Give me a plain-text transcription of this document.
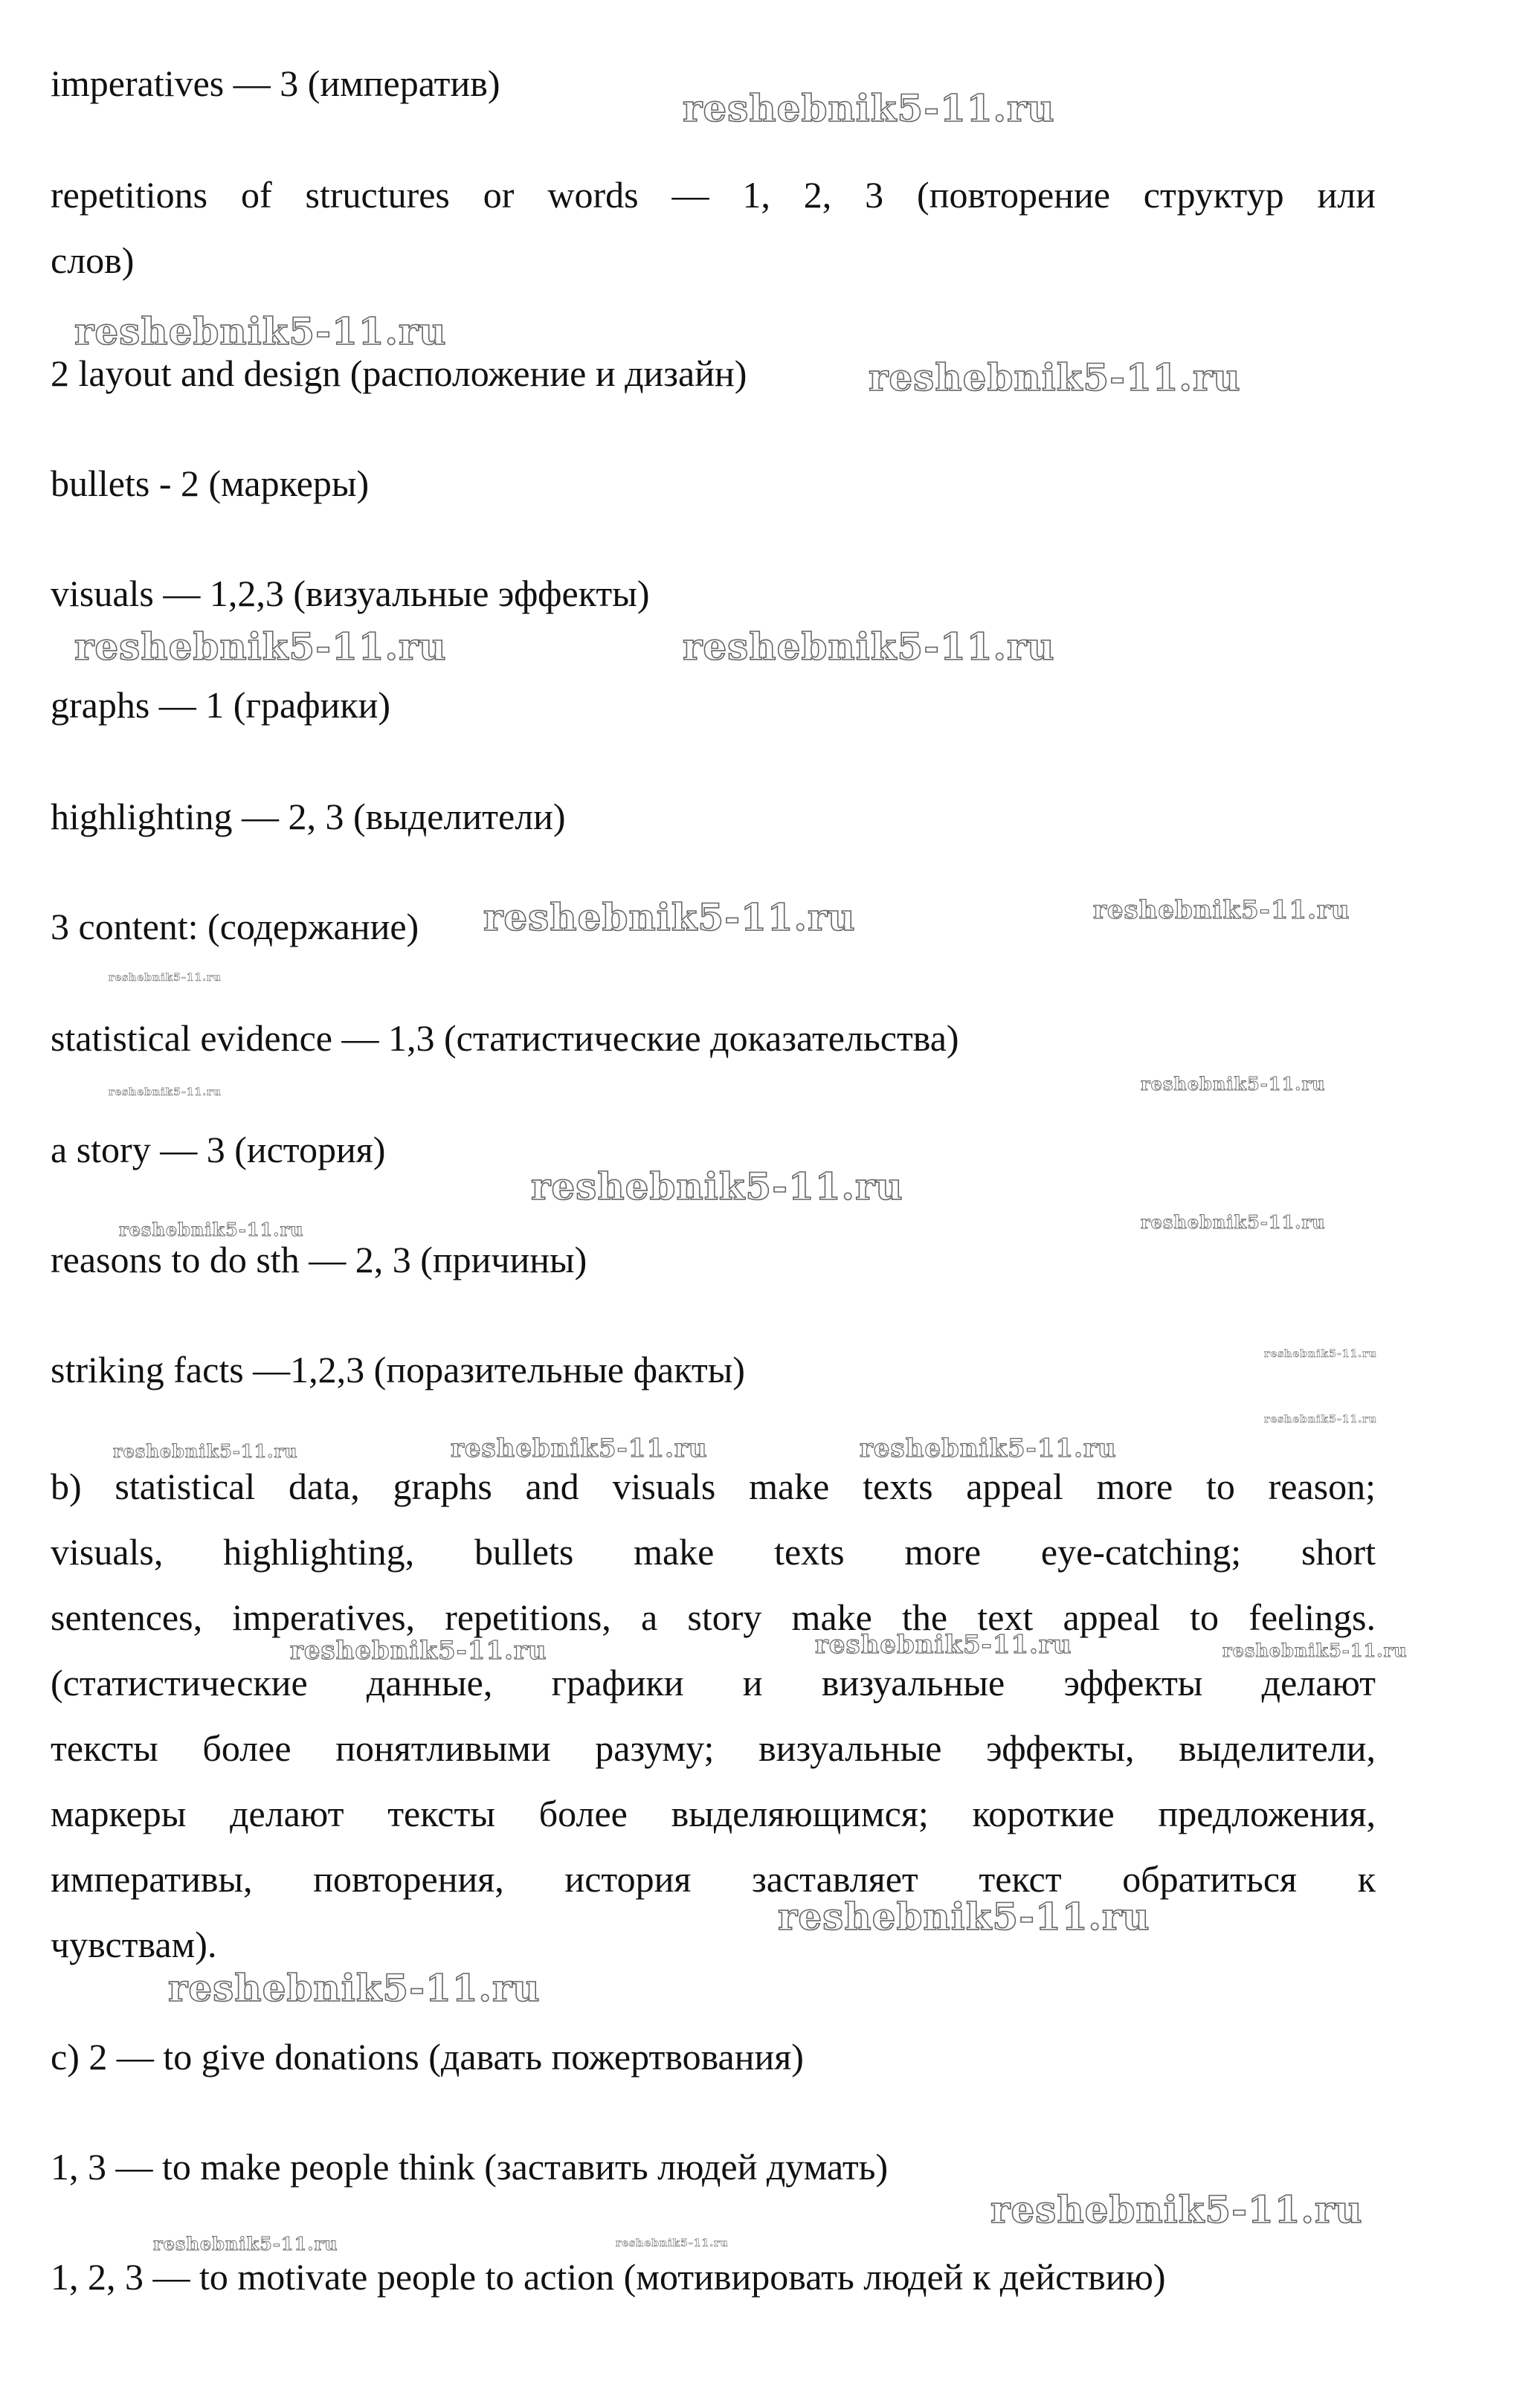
imperatives — 3 (императив)
repetitions of structures or words — 1, 2, 3 (повторение структур или
слов)
2 layout and design (расположение и дизайн)
bullets - 2 (маркеры)
visuals — 1,2,3 (визуальные эффекты)
graphs — 1 (графики)
highlighting — 2, 3 (выделители)
3 content: (содержание)
statistical evidence — 1,3 (статистические доказательства)
a story — 3 (история)
reasons to do sth — 2, 3 (причины)
striking facts —1,2,3 (поразительные факты)
b) statistical data, graphs and visuals make texts appeal more to reason;
visuals, highlighting, bullets make texts more eye-catching; short
sentences, imperatives, repetitions, a story make the text appeal to feelings.
(статистические данные, графики и визуальные эффекты делают
тексты более понятливыми разуму; визуальные эффекты, выделители,
маркеры делают тексты более выделяющимся; короткие предложения,
императивы, повторения, история заставляет текст обратиться к
чувствам).
c) 2 — to give donations (давать пожертвования)
1, 3 — to make people think (заставить людей думать)
1, 2, 3 — to motivate people to action (мотивировать людей к действию)
reshebnik5-11.ru
reshebnik5-11.ru
reshebnik5-11.ru
reshebnik5-11.ru	reshebnik5-11.ru
reshebnik5-11.ru	reshebnik5-11.ru
reshebnik5-11.ru
reshebnik5-11.ru	reshebnik5-11.ru
reshebnik5-11.ru
reshebnik5-11.ru	reshebnik5-11.ru
reshebnik5-11.ru
reshebnik5-11.ru
reshebnik5-11.ru	reshebnik5-11.ru	reshebnik5-11.ru
reshebnik5-11.ru	reshebnik5-11.ru	reshebnik5-11.ru
reshebnik5-11.ru
reshebnik5-11.ru
reshebnik5-11.ru
reshebnik5-11.ru	reshebnik5-11.ru
